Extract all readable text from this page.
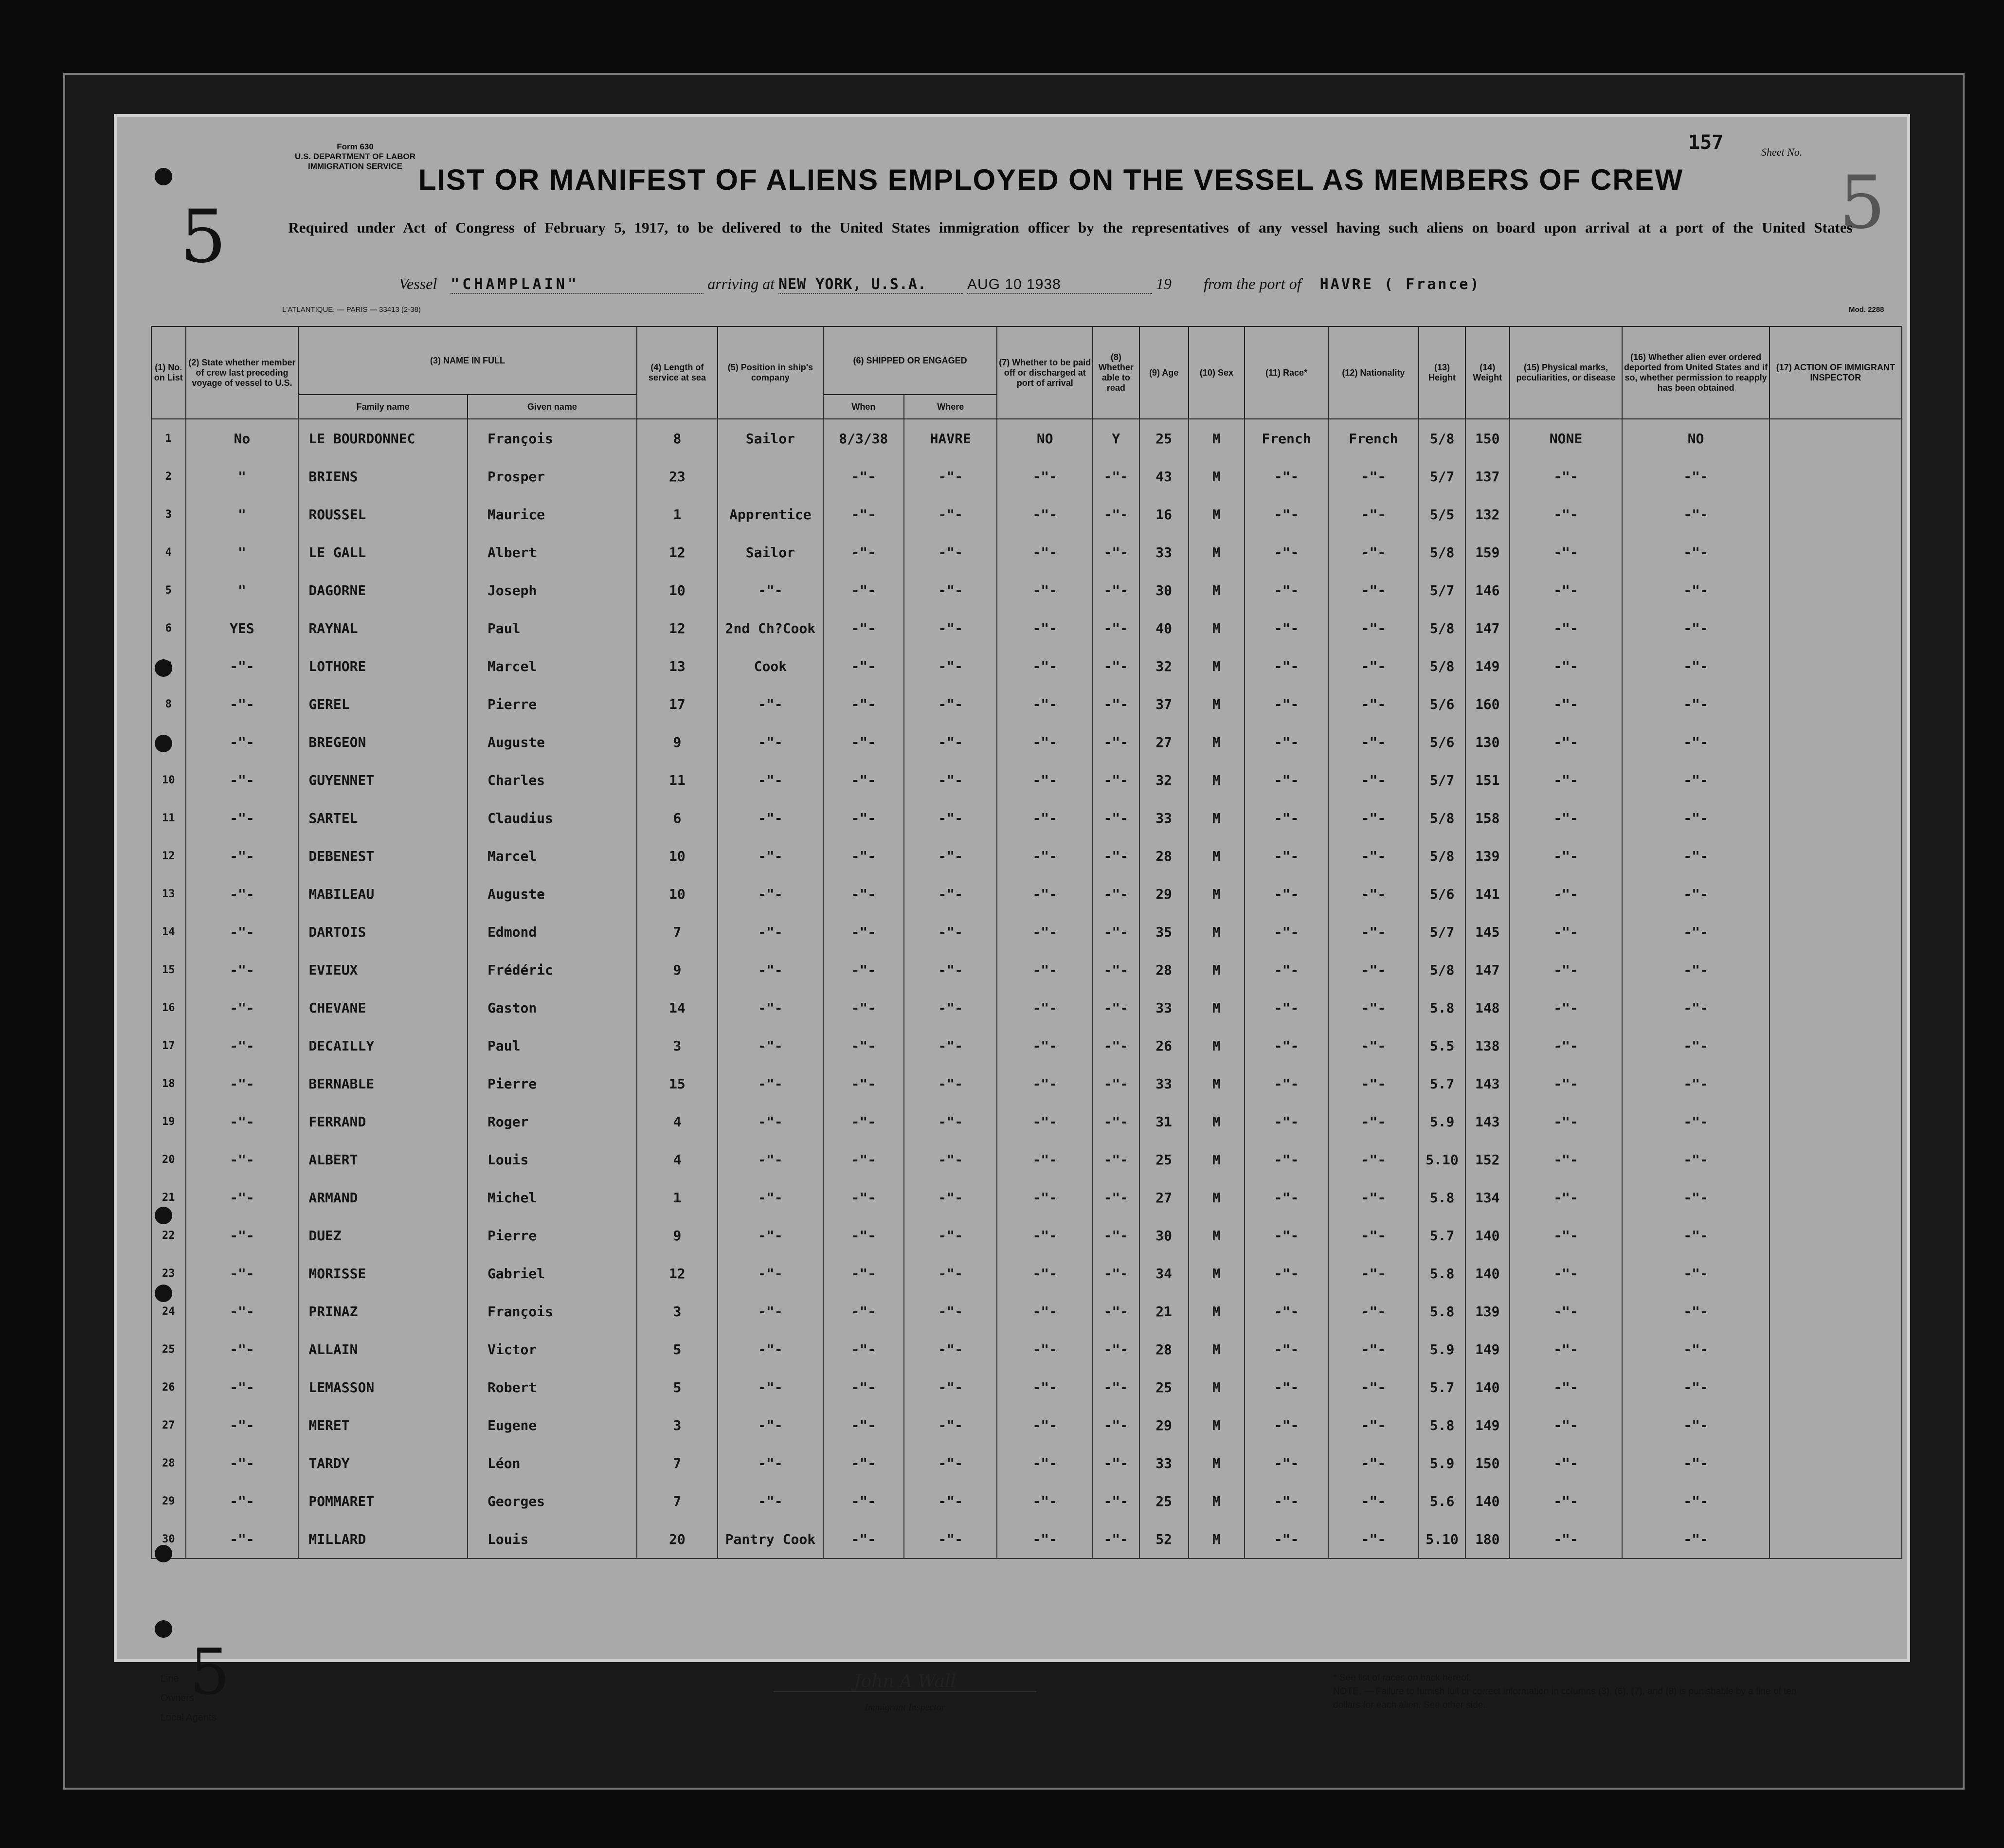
Form 630
U.S. DEPARTMENT OF LABOR
IMMIGRATION SERVICE
157	Sheet No.
5	5
LIST OR MANIFEST OF ALIENS EMPLOYED ON THE VESSEL AS MEMBERS OF CREW
Required under Act of Congress of February 5, 1917, to be delivered to the United States immigration officer by the representatives of any vessel having such aliens on board upon arrival at a port of the United States
Vessel "CHAMPLAIN"	arriving at NEW YORK, U.S.A.	AUG 10 1938	19 from the port of HAVRE ( France)
L'ATLANTIQUE. — PARIS — 33413 (2-38)	Mod. 2288
(1) No. on List	(2) State whether member of crew last preceding voyage of vessel to U.S.	(3) NAME IN FULL		(4) Length of service at sea	(5) Position in ship's company	(6) SHIPPED OR ENGAGED		(7) Whether to be paid off or discharged at port of arrival	(8) Whether able to read	(9) Age	(10) Sex	(11) Race*	(12) Nationality	(13) Height	(14) Weight	(15) Physical marks, peculiarities, or disease	(16) Whether alien ever ordered deported from United States and if so, whether permission to reapply has been obtained	(17) ACTION OF IMMIGRANT INSPECTOR
		Family name	Given name			When	Where											
1	No	LE BOURDONNEC	François	8	Sailor	8/3/38	HAVRE	NO	Y	25	M	French	French	5/8	150	NONE	NO	
2	"	BRIENS	Prosper	23		-"-	-"-	-"-	-"-	43	M	-"-	-"-	5/7	137	-"-	-"-	
3	"	ROUSSEL	Maurice	1	Apprentice	-"-	-"-	-"-	-"-	16	M	-"-	-"-	5/5	132	-"-	-"-	
4	"	LE GALL	Albert	12	Sailor	-"-	-"-	-"-	-"-	33	M	-"-	-"-	5/8	159	-"-	-"-	
5	"	DAGORNE	Joseph	10	-"-	-"-	-"-	-"-	-"-	30	M	-"-	-"-	5/7	146	-"-	-"-	
6	YES	RAYNAL	Paul	12	2nd Ch?Cook	-"-	-"-	-"-	-"-	40	M	-"-	-"-	5/8	147	-"-	-"-	
	-"-	LOTHORE	Marcel	13	Cook	-"-	-"-	-"-	-"-	32	M	-"-	-"-	5/8	149	-"-	-"-	
8	-"-	GEREL	Pierre	17	-"-	-"-	-"-	-"-	-"-	37	M	-"-	-"-	5/6	160	-"-	-"-	
	-"-	BREGEON	Auguste	9	-"-	-"-	-"-	-"-	-"-	27	M	-"-	-"-	5/6	130	-"-	-"-	
10	-"-	GUYENNET	Charles	11	-"-	-"-	-"-	-"-	-"-	32	M	-"-	-"-	5/7	151	-"-	-"-	
11	-"-	SARTEL	Claudius	6	-"-	-"-	-"-	-"-	-"-	33	M	-"-	-"-	5/8	158	-"-	-"-	
12	-"-	DEBENEST	Marcel	10	-"-	-"-	-"-	-"-	-"-	28	M	-"-	-"-	5/8	139	-"-	-"-	
13	-"-	MABILEAU	Auguste	10	-"-	-"-	-"-	-"-	-"-	29	M	-"-	-"-	5/6	141	-"-	-"-	
14	-"-	DARTOIS	Edmond	7	-"-	-"-	-"-	-"-	-"-	35	M	-"-	-"-	5/7	145	-"-	-"-	
15	-"-	EVIEUX	Frédéric	9	-"-	-"-	-"-	-"-	-"-	28	M	-"-	-"-	5/8	147	-"-	-"-	
16	-"-	CHEVANE	Gaston	14	-"-	-"-	-"-	-"-	-"-	33	M	-"-	-"-	5.8	148	-"-	-"-	
17	-"-	DECAILLY	Paul	3	-"-	-"-	-"-	-"-	-"-	26	M	-"-	-"-	5.5	138	-"-	-"-	
18	-"-	BERNABLE	Pierre	15	-"-	-"-	-"-	-"-	-"-	33	M	-"-	-"-	5.7	143	-"-	-"-	
19	-"-	FERRAND	Roger	4	-"-	-"-	-"-	-"-	-"-	31	M	-"-	-"-	5.9	143	-"-	-"-	
20	-"-	ALBERT	Louis	4	-"-	-"-	-"-	-"-	-"-	25	M	-"-	-"-	5.10	152	-"-	-"-	
21	-"-	ARMAND	Michel	1	-"-	-"-	-"-	-"-	-"-	27	M	-"-	-"-	5.8	134	-"-	-"-	
22	-"-	DUEZ	Pierre	9	-"-	-"-	-"-	-"-	-"-	30	M	-"-	-"-	5.7	140	-"-	-"-	
23	-"-	MORISSE	Gabriel	12	-"-	-"-	-"-	-"-	-"-	34	M	-"-	-"-	5.8	140	-"-	-"-	
24	-"-	PRINAZ	François	3	-"-	-"-	-"-	-"-	-"-	21	M	-"-	-"-	5.8	139	-"-	-"-	
25	-"-	ALLAIN	Victor	5	-"-	-"-	-"-	-"-	-"-	28	M	-"-	-"-	5.9	149	-"-	-"-	
26	-"-	LEMASSON	Robert	5	-"-	-"-	-"-	-"-	-"-	25	M	-"-	-"-	5.7	140	-"-	-"-	
27	-"-	MERET	Eugene	3	-"-	-"-	-"-	-"-	-"-	29	M	-"-	-"-	5.8	149	-"-	-"-	
28	-"-	TARDY	Léon	7	-"-	-"-	-"-	-"-	-"-	33	M	-"-	-"-	5.9	150	-"-	-"-	
29	-"-	POMMARET	Georges	7	-"-	-"-	-"-	-"-	-"-	25	M	-"-	-"-	5.6	140	-"-	-"-	
30	-"-	MILLARD	Louis	20	Pantry Cook	-"-	-"-	-"-	-"-	52	M	-"-	-"-	5.10	180	-"-	-"-	
5
Line
Owners
Local Agents
John A Wall
Immigrant Inspector
* See list of races on back hereof.
NOTE. — Failure to furnish full or correct information in columns (3), (6), (7), and (8) is punishable by a fine of ten dollars for each alien. See other side.
